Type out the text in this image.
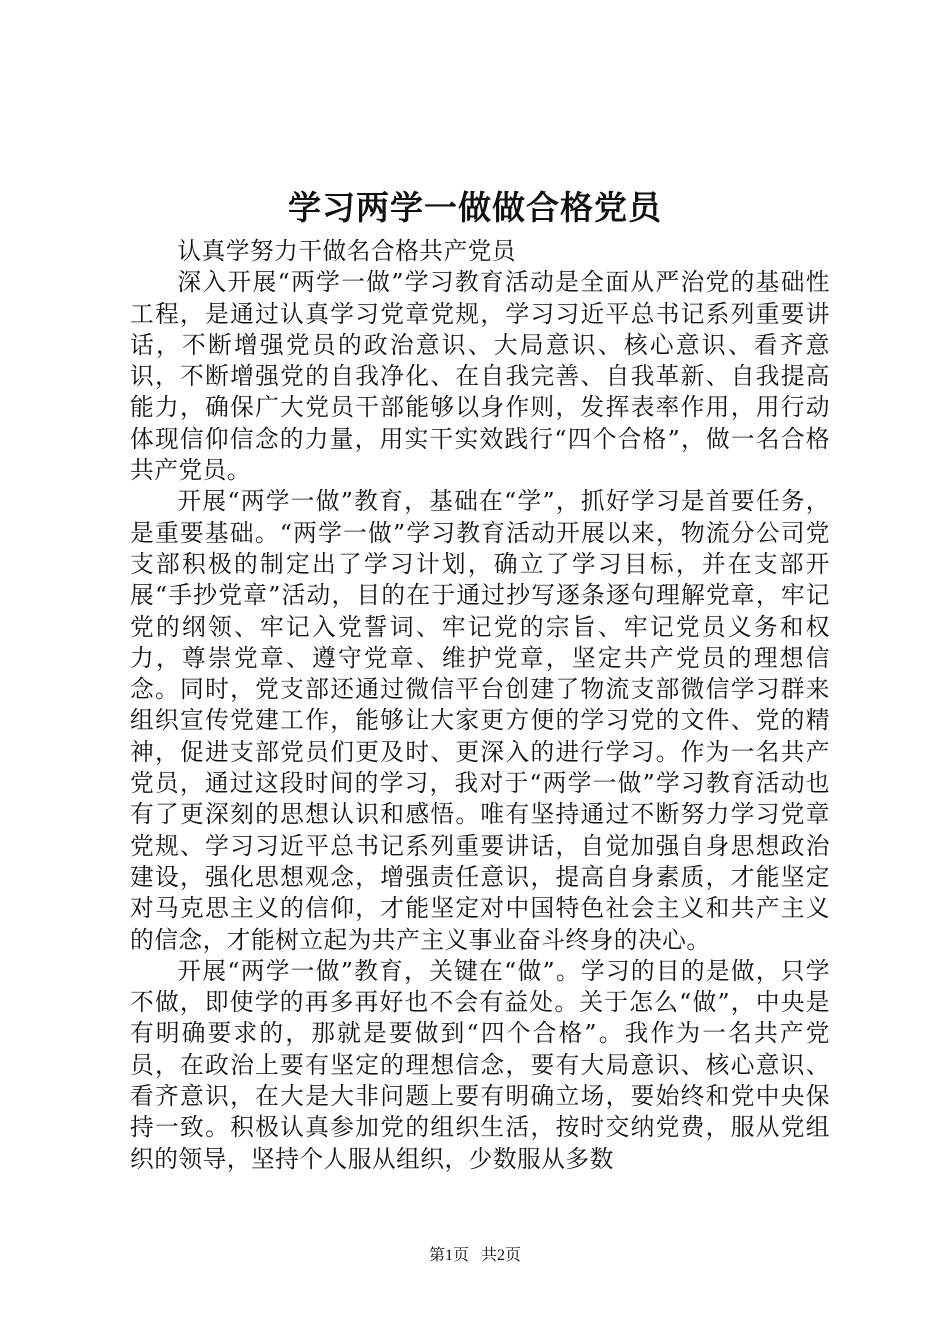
学习两学一做做合格党员

认真学努力干做名合格共产党员

深入开展“两学一做”学习教育活动是全面从严治党的基础性工程，是通过认真学习党章党规，学习习近平总书记系列重要讲话，不断增强党员的政治意识、大局意识、核心意识、看齐意识，不断增强党的自我净化、在自我完善、自我革新、自我提高能力，确保广大党员干部能够以身作则，发挥表率作用，用行动体现信仰信念的力量，用实干实效践行“四个合格”，做一名合格共产党员。

开展“两学一做”教育，基础在“学”，抓好学习是首要任务，是重要基础。“两学一做”学习教育活动开展以来，物流分公司党支部积极的制定出了学习计划，确立了学习目标，并在支部开展“手抄党章”活动，目的在于通过抄写逐条逐句理解党章，牢记党的纲领、牢记入党誓词、牢记党的宗旨、牢记党员义务和权力，尊崇党章、遵守党章、维护党章，坚定共产党员的理想信念。同时，党支部还通过微信平台创建了物流支部微信学习群来组织宣传党建工作，能够让大家更方便的学习党的文件、党的精神，促进支部党员们更及时、更深入的进行学习。作为一名共产党员，通过这段时间的学习，我对于“两学一做”学习教育活动也有了更深刻的思想认识和感悟。唯有坚持通过不断努力学习党章党规、学习习近平总书记系列重要讲话，自觉加强自身思想政治建设，强化思想观念，增强责任意识，提高自身素质，才能坚定对马克思主义的信仰，才能坚定对中国特色社会主义和共产主义的信念，才能树立起为共产主义事业奋斗终身的决心。

开展“两学一做”教育，关键在“做”。学习的目的是做，只学不做，即使学的再多再好也不会有益处。关于怎么“做”，中央是有明确要求的，那就是要做到“四个合格”。我作为一名共产党员，在政治上要有坚定的理想信念，要有大局意识、核心意识、看齐意识，在大是大非问题上要有明确立场，要始终和党中央保持一致。积极认真参加党的组织生活，按时交纳党费，服从党组织的领导，坚持个人服从组织，少数服从多数

第1页 共2页
